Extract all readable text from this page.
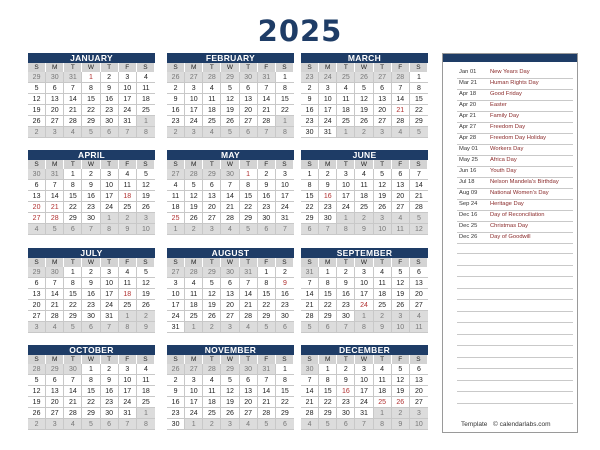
2025
JANUARY
S	M	T	W	T	F	S
29	30	31	1	2	3	4
5	6	7	8	9	10	11
12	13	14	15	16	17	18
19	20	21	22	23	24	25
26	27	28	29	30	31	1
2	3	4	5	6	7	8
FEBRUARY
S	M	T	W	T	F	S
26	27	28	29	30	31	1
2	3	4	5	6	7	8
9	10	11	12	13	14	15
16	17	18	19	20	21	22
23	24	25	26	27	28	1
2	3	4	5	6	7	8
MARCH
S	M	T	W	T	F	S
23	24	25	26	27	28	1
2	3	4	5	6	7	8
9	10	11	12	13	14	15
16	17	18	19	20	21	22
23	24	25	26	27	28	29
30	31	1	2	3	4	5
APRIL
S	M	T	W	T	F	S
30	31	1	2	3	4	5
6	7	8	9	10	11	12
13	14	15	16	17	18	19
20	21	22	23	24	25	26
27	28	29	30	1	2	3
4	5	6	7	8	9	10
MAY
S	M	T	W	T	F	S
27	28	29	30	1	2	3
4	5	6	7	8	9	10
11	12	13	14	15	16	17
18	19	20	21	22	23	24
25	26	27	28	29	30	31
1	2	3	4	5	6	7
JUNE
S	M	T	W	T	F	S
1	2	3	4	5	6	7
8	9	10	11	12	13	14
15	16	17	18	19	20	21
22	23	24	25	26	27	28
29	30	1	2	3	4	5
6	7	8	9	10	11	12
JULY
S	M	T	W	T	F	S
29	30	1	2	3	4	5
6	7	8	9	10	11	12
13	14	15	16	17	18	19
20	21	22	23	24	25	26
27	28	29	30	31	1	2
3	4	5	6	7	8	9
AUGUST
S	M	T	W	T	F	S
27	28	29	30	31	1	2
3	4	5	6	7	8	9
10	11	12	13	14	15	16
17	18	19	20	21	22	23
24	25	26	27	28	29	30
31	1	2	3	4	5	6
SEPTEMBER
S	M	T	W	T	F	S
31	1	2	3	4	5	6
7	8	9	10	11	12	13
14	15	16	17	18	19	20
21	22	23	24	25	26	27
28	29	30	1	2	3	4
5	6	7	8	9	10	11
OCTOBER
S	M	T	W	T	F	S
28	29	30	1	2	3	4
5	6	7	8	9	10	11
12	13	14	15	16	17	18
19	20	21	22	23	24	25
26	27	28	29	30	31	1
2	3	4	5	6	7	8
NOVEMBER
S	M	T	W	T	F	S
26	27	28	29	30	31	1
2	3	4	5	6	7	8
9	10	11	12	13	14	15
16	17	18	19	20	21	22
23	24	25	26	27	28	29
30	1	2	3	4	5	6
DECEMBER
S	M	T	W	T	F	S
30	1	2	3	4	5	6
7	8	9	10	11	12	13
14	15	16	17	18	19	20
21	22	23	24	25	26	27
28	29	30	31	1	2	3
4	5	6	7	8	9	10
Jan 01 New Years Day
Mar 21 Human Rights Day
Apr 18 Good Friday
Apr 20 Easter
Apr 21 Family Day
Apr 27 Freedom Day
Apr 28 Freedom Day Holiday
May 01 Workers Day
May 25 Africa Day
Jun 16 Youth Day
Jul 18	Nelson Mandela's Birthday
Aug 09 National Women's Day
Sep 24 Heritage Day
Dec 16 Day of Reconciliation
Dec 25 Christmas Day
Dec 26 Day of Goodwill
Template © calendarlabs.com
